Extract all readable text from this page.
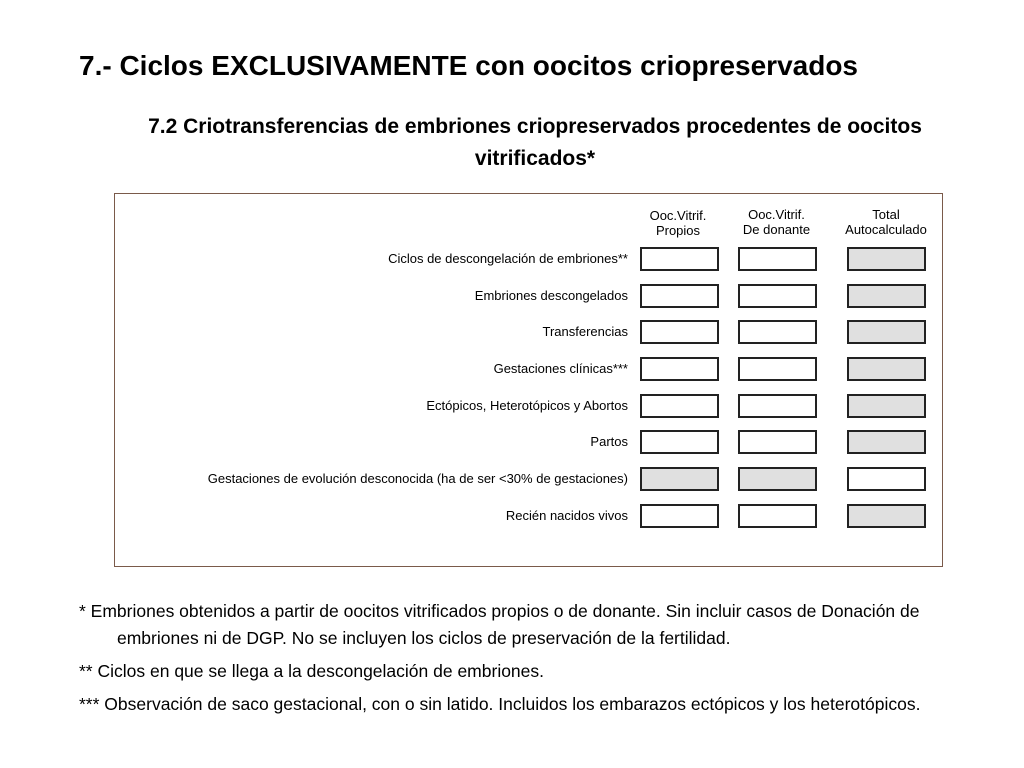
7.- Ciclos EXCLUSIVAMENTE con oocitos criopreservados
7.2 Criotransferencias de embriones criopreservados procedentes de oocitos vitrificados*
Ooc.Vitrif.
Propios
Ooc.Vitrif.
De donante
Total
Autocalculado
Ciclos de descongelación de embriones**
Embriones descongelados
Transferencias
Gestaciones clínicas***
Ectópicos, Heterotópicos y Abortos
Partos
Gestaciones de evolución desconocida (ha de ser <30% de gestaciones)
Recién nacidos vivos
* Embriones obtenidos a partir de oocitos vitrificados propios o de donante. Sin incluir casos de Donación de embriones ni de DGP. No se incluyen los ciclos de preservación de la fertilidad.
** Ciclos en que se llega a la descongelación de embriones.
*** Observación de saco gestacional, con o sin latido. Incluidos los embarazos ectópicos y los heterotópicos.
